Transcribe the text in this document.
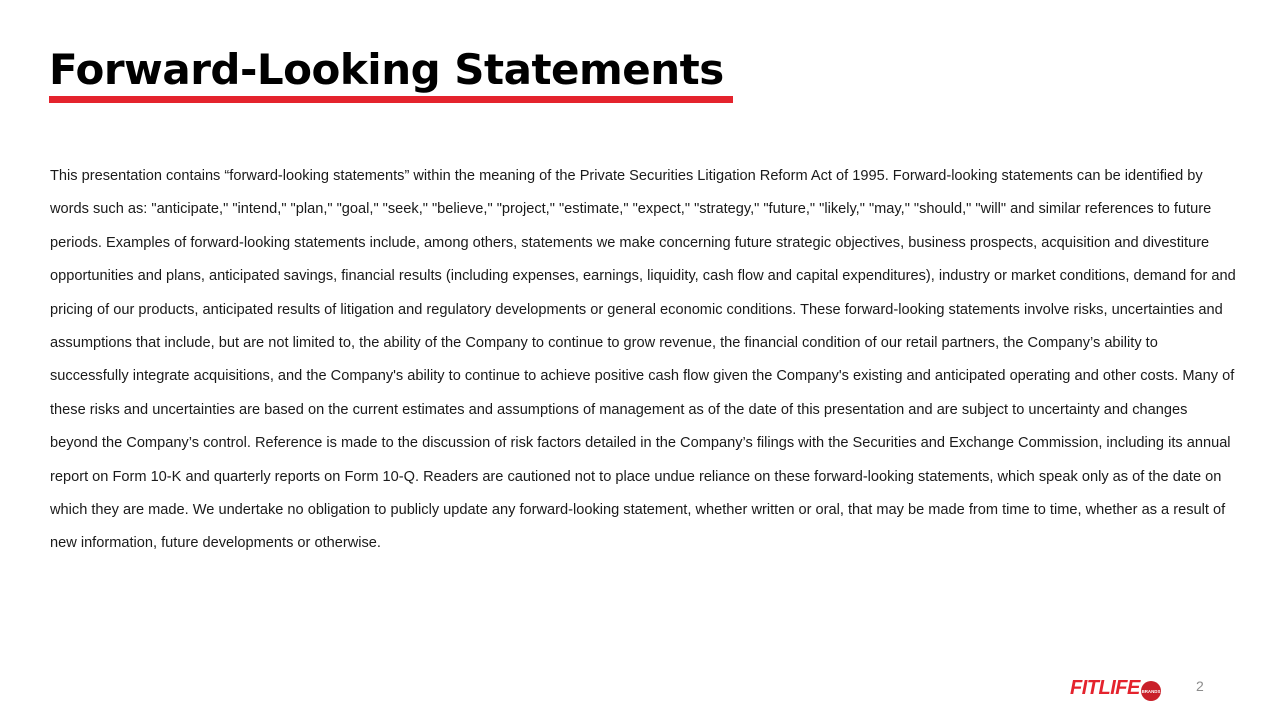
Forward-Looking Statements

This presentation contains “forward-looking statements” within the meaning of the Private Securities Litigation Reform Act of 1995. Forward-looking statements can be identified by words such as: "anticipate," "intend," "plan," "goal," "seek," "believe," "project," "estimate," "expect," "strategy," "future," "likely," "may," "should," "will" and similar references to future periods. Examples of forward-looking statements include, among others, statements we make concerning future strategic objectives, business prospects, acquisition and divestiture opportunities and plans, anticipated savings, financial results (including expenses, earnings, liquidity, cash flow and capital expenditures), industry or market conditions, demand for and pricing of our products, anticipated results of litigation and regulatory developments or general economic conditions. These forward-looking statements involve risks, uncertainties and assumptions that include, but are not limited to, the ability of the Company to continue to grow revenue, the financial condition of our retail partners, the Company’s ability to successfully integrate acquisitions, and the Company's ability to continue to achieve positive cash flow given the Company's existing and anticipated operating and other costs. Many of these risks and uncertainties are based on the current estimates and assumptions of management as of the date of this presentation and are subject to uncertainty and changes beyond the Company’s control. Reference is made to the discussion of risk factors detailed in the Company’s filings with the Securities and Exchange Commission, including its annual report on Form 10-K and quarterly reports on Form 10-Q. Readers are cautioned not to place undue reliance on these forward-looking statements, which speak only as of the date on which they are made. We undertake no obligation to publicly update any forward-looking statement, whether written or oral, that may be made from time to time, whether as a result of new information, future developments or otherwise.

FIT LIFE BRANDS	2
